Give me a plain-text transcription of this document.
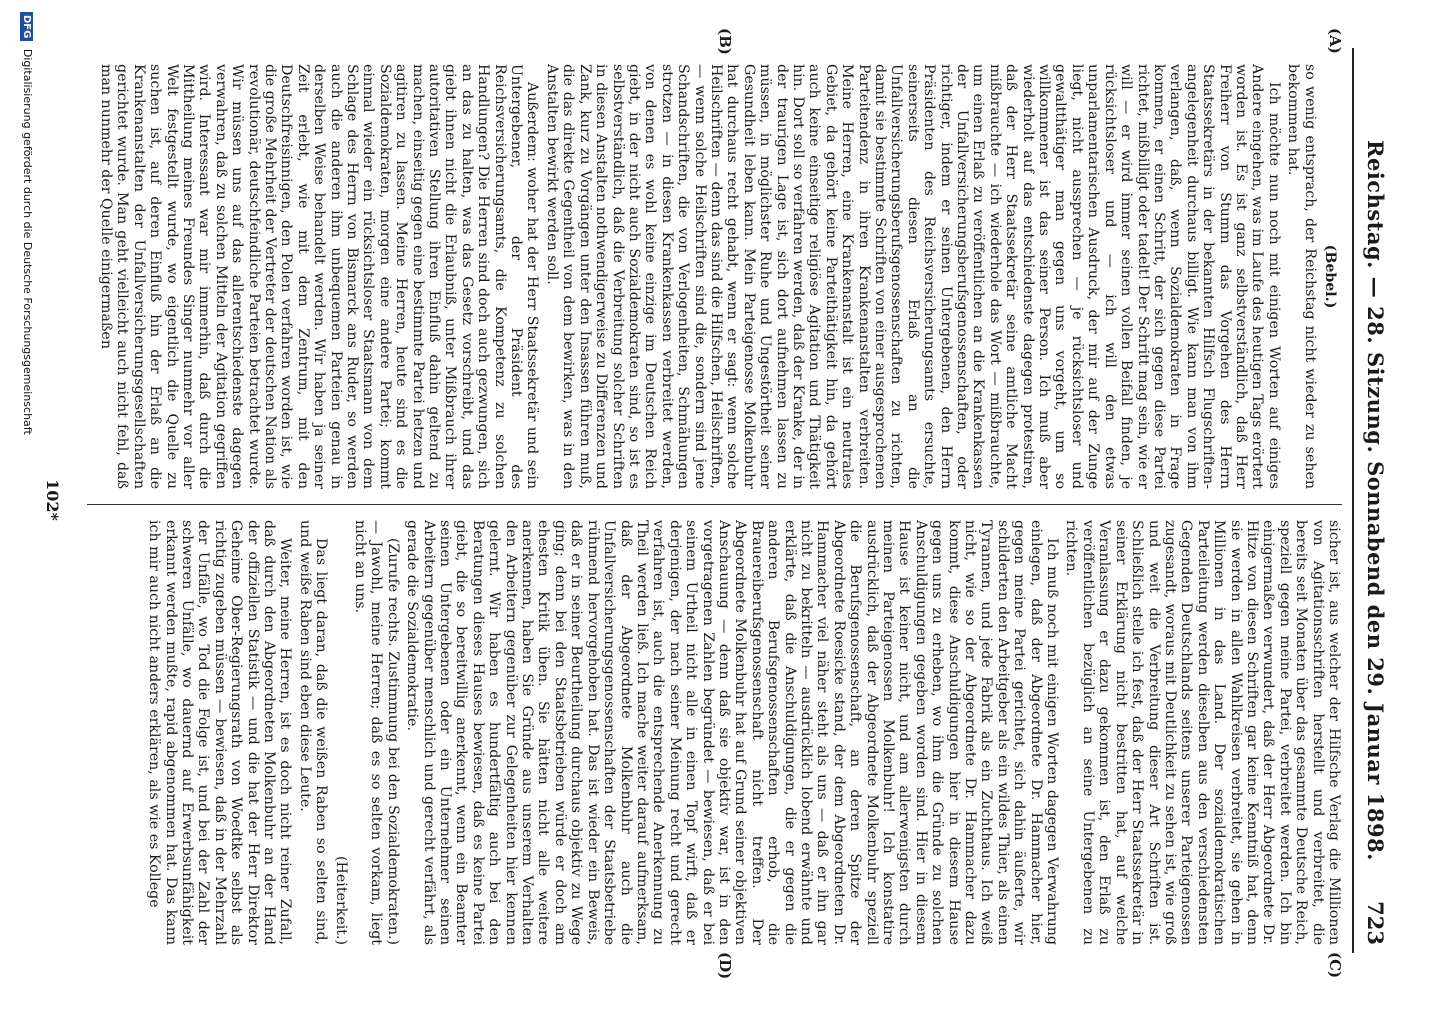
Reichstag. — 28. Sitzung. Sonnabend den 29. Januar 1898.
723
(A)
(B)
(C)
(D)

(Bebel.)

so wenig entsprach, der Reichstag nicht wieder zu sehen bekommen hat.

Ich möchte nun noch mit einigen Worten auf einiges Andere eingehen, was im Laufe des heutigen Tags erörtert worden ist. Es ist ganz selbstverständlich, daß Herr Freiherr von Stumm das Vorgehen des Herrn Staatssekretärs in der bekannten Hilfsch Flugschriften-angelegenheit durchaus billigt. Wie kann man von ihm verlangen, daß, wenn Sozialdemokraten in Frage kommen, er einen Schritt, der sich gegen diese Partei richtet, mißbilligt oder tadelt! Der Schritt mag sein, wie er will — er wird immer seinen vollen Beifall finden, je rücksichtsloser und — ich will den etwas unparlamentarischen Ausdruck, der mir auf der Zunge liegt, nicht aussprechen — je rücksichtsloser und gewaltthätiger man gegen uns vorgeht, um so willkommener ist das seiner Person. Ich muß aber wiederholt auf das entschiedenste dagegen protestiren, daß der Herr Staatssekretär seine amtliche Macht mißbrauchte — ich wiederhole das Wort — mißbrauchte, um einen Erlaß zu veröffentlichen an die Krankenkassen der Unfallversicherungsberufsgenossenschaften, oder richtiger, indem er seinen Untergebenen, den Herrn Präsidenten des Reichsversicherungsamts ersuchte, seinerseits diesen Erlaß an die Unfallversicherungsberufsgenossenschaften zu richten, damit sie bestimmte Schriften von einer ausgesprochenen Parteitendenz in ihren Krankenanstalten verbreiten. Meine Herren, eine Krankenanstalt ist ein neutrales Gebiet, da gehört keine Parteithätigkeit hin, da gehört auch keine einseitige religiöse Agitation und Thätigkeit hin. Dort soll so verfahren werden, daß der Kranke, der in der traurigen Lage ist, sich dort aufnehmen lassen zu müssen, in möglichster Ruhe und Ungestörtheit seiner Gesundheit leben kann. Mein Parteigenosse Molkenbuhr hat durchaus recht gehabt, wenn er sagt: wenn solche Heilschriften — denn das sind die Hilfschen, Heilschriften, — wenn solche Heilschriften sind die, sondern sind jene Schandschriften, die von Verlogenheiten, Schmähungen strotzen — in diesen Krankenkassen verbreitet werden, von denen es wohl keine einzige im Deutschen Reich giebt, in der nicht auch Sozialdemokraten sind, so ist es selbstverständlich, daß die Verbreitung solcher Schriften in diesen Anstalten nothwendigerweise zu Differenzen und Zank, kurz zu Vorgängen unter den Insassen führen muß, die das direkte Gegentheil von dem bewirken, was in den Anstalten bewirkt werden soll.

Außerdem: woher hat der Herr Staatssekretär und sein Untergebener, der Präsident des Reichsversicherungsamts, die Kompetenz zu solchen Handlungen? Die Herren sind doch auch gezwungen, sich an das zu halten, was das Gesetz vorschreibt, und das giebt ihnen nicht die Erlaubniß, unter Mißbrauch ihrer autoritativen Stellung ihren Einfluß dahin geltend zu machen, einseitig gegen eine bestimmte Partei hetzen und agitiren zu lassen. Meine Herren, heute sind es die Sozialdemokraten, morgen eine andere Partei; kommt einmal wieder ein rücksichtsloser Staatsmann von dem Schlage des Herrn von Bismarck ans Ruder, so werden auch die anderen ihm unbequemen Parteien genau in derselben Weise behandelt werden. Wir haben ja seiner Zeit erlebt, wie mit dem Zentrum, mit den Deutschfreisinnigen, den Polen verfahren worden ist, wie die große Mehrheit der Vertreter der deutschen Nation als revolutionär, deutschfeindliche Parteien betrachtet wurde. Wir müssen uns auf das allerentschiedenste dagegen verwahren, daß zu solchen Mitteln der Agitation gegriffen wird. Interessant war mir immerhin, daß durch die Mittheilung meines Freundes Singer nunmehr vor aller Welt festgestellt wurde, wo eigentlich die Quelle zu suchen ist, auf deren Einfluß hin der Erlaß an die Krankenanstalten der Unfallversicherungsgesellschaften gerichtet wurde. Man geht vielleicht auch nicht fehl, daß man nunmehr der Quelle einigermaßen

sicher ist, aus welcher der Hilfsche Verlag die Millionen von Agitationsschriften herstellt und verbreitet, die bereits seit Monaten über das gesammte Deutsche Reich, speziell gegen meine Partei, verbreitet werden. Ich bin einigermaßen verwundert, daß der Herr Abgeordnete Dr. Hitze von diesen Schriften gar keine Kenntniß hat, denn sie werden in allen Wahlkreisen verbreitet, sie gehen in Millionen in das Land. Der sozialdemokratischen Parteileitung werden dieselben aus den verschiedensten Gegenden Deutschlands seitens unserer Parteigenossen zugesandt, woraus mit Deutlichkeit zu sehen ist, wie groß und weit die Verbreitung dieser Art Schriften ist. Schließlich stelle ich fest, daß der Herr Staatssekretär in seiner Erklärung nicht bestritten hat, auf welche Veranlassung er dazu gekommen ist, den Erlaß zu veröffentlichen bezüglich an seine Untergebenen zu richten.

Ich muß noch mit einigen Worten dagegen Verwahrung einlegen, daß der Abgeordnete Dr. Hammacher hier, gegen meine Partei gerichtet, sich dahin äußerte, wir schilderten den Arbeitgeber als ein wildes Thier, als einen Tyrannen, und jede Fabrik als ein Zuchthaus. Ich weiß nicht, wie so der Abgeordnete Dr. Hammacher dazu kommt, diese Anschuldigungen hier in diesem Hause gegen uns zu erheben, wo ihm die Gründe zu solchen Anschuldigungen gegeben worden sind. Hier in diesem Hause ist keiner nicht, und am allerwenigsten durch meinen Parteigenossen Molkenbuhr! Ich konstatire ausdrücklich, daß der Abgeordnete Molkenbuhr speziell die Berufsgenossenschaft, an deren Spitze der Abgeordnete Roesicke stand, der dem Abgeordneten Dr. Hammacher viel näher steht als uns — daß er ihn gar nicht zu bekritteln — ausdrücklich lobend erwähnte und erklärte, daß die Anschuldigungen, die er gegen die anderen Berufsgenossenschaften erhob, die Brauereiberufsgenossenschaft nicht treffen. Der Abgeordnete Molkenbuhr hat auf Grund seiner objektiven Anschauung — denn daß sie objektiv war, ist in den vorgetragenen Zahlen begründet — bewiesen, daß er bei seinem Urtheil nicht alle in einen Topf wirft, daß er derjenigen, der nach seiner Meinung recht und gerecht verfahren ist, auch die entsprechende Anerkennung zu Theil werden ließ. Ich mache weiter darauf aufmerksam, daß der Abgeordnete Molkenbuhr auch die Unfallversicherungsgenossenschaften der Staatsbetriebe rühmend hervorgehoben hat. Das ist wieder ein Beweis, daß er in seiner Beurtheilung durchaus objektiv zu Wege ging; denn bei den Staatsbetrieben würde er doch am ehesten Kritik üben. Sie hätten nicht alle weitere anerkennen, haben Sie Gründe aus unserem Verhalten den Arbeitern gegenüber zur Gelegenheiten hier kennen gelernt. Wir haben es hundertfältig auch bei den Beratungen dieses Hauses bewiesen, daß es keine Partei giebt, die so bereitwillig anerkennt, wenn ein Beamter seinen Untergebenen oder ein Unternehmer seinen Arbeitern gegenüber menschlich und gerecht verfährt, als gerade die Sozialdemokratie.

(Zurufe rechts. Zustimmung bei den Sozialdemokraten.) — Jawohl, meine Herren; daß es so selten vorkam, liegt nicht an uns.

(Heiterkeit.)

Das liegt daran, daß die weißen Raben so selten sind, und weiße Raben sind eben diese Leute.

Weiter, meine Herren, ist es doch nicht reiner Zufall, daß durch den Abgeordneten Molkenbuhr an der Hand der offiziellen Statistik — und die hat der Herr Direktor Geheime Ober-Regierungsrath von Woedtke selbst als richtig zugeben müssen — bewiesen, daß in der Mehrzahl der Unfälle, wo Tod die Folge ist, und bei der Zahl der schweren Unfälle, wo dauernd auf Erwerbsunfähigkeit erkannt werden mußte, rapid abgenommen hat. Das kann ich mir auch nicht anders erklären, als wie es Kollege

102*
DFG Digitalisierung gefördert durch die Deutsche Forschungsgemeinschaft
